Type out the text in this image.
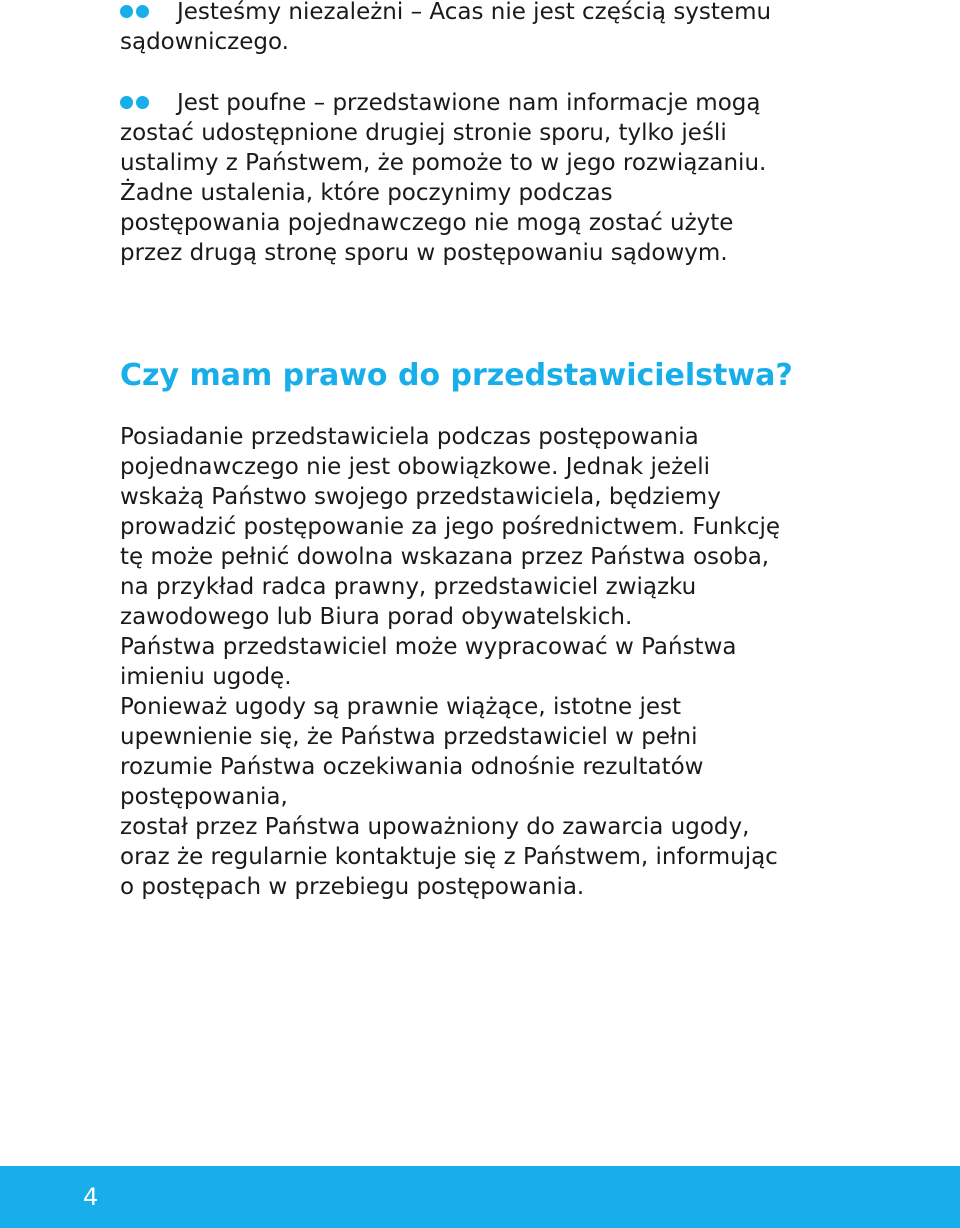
Jesteśmy niezależni – Acas nie jest częścią systemu
sądowniczego.
Jest poufne – przedstawione nam informacje mogą
zostać udostępnione drugiej stronie sporu, tylko jeśli
ustalimy z Państwem, że pomoże to w jego rozwiązaniu.
Żadne ustalenia, które poczynimy podczas
postępowania pojednawczego nie mogą zostać użyte
przez drugą stronę sporu w postępowaniu sądowym.
Czy mam prawo do przedstawicielstwa?
Posiadanie przedstawiciela podczas postępowania
pojednawczego nie jest obowiązkowe. Jednak jeżeli
wskażą Państwo swojego przedstawiciela, będziemy
prowadzić postępowanie za jego pośrednictwem. Funkcję
tę może pełnić dowolna wskazana przez Państwa osoba,
na przykład radca prawny, przedstawiciel związku
zawodowego lub Biura porad obywatelskich.
Państwa przedstawiciel może wypracować w Państwa
imieniu ugodę.
Ponieważ ugody są prawnie wiążące, istotne jest
upewnienie się, że Państwa przedstawiciel w pełni
rozumie Państwa oczekiwania odnośnie rezultatów
postępowania,
został przez Państwa upoważniony do zawarcia ugody,
oraz że regularnie kontaktuje się z Państwem, informując
o postępach w przebiegu postępowania.
4
